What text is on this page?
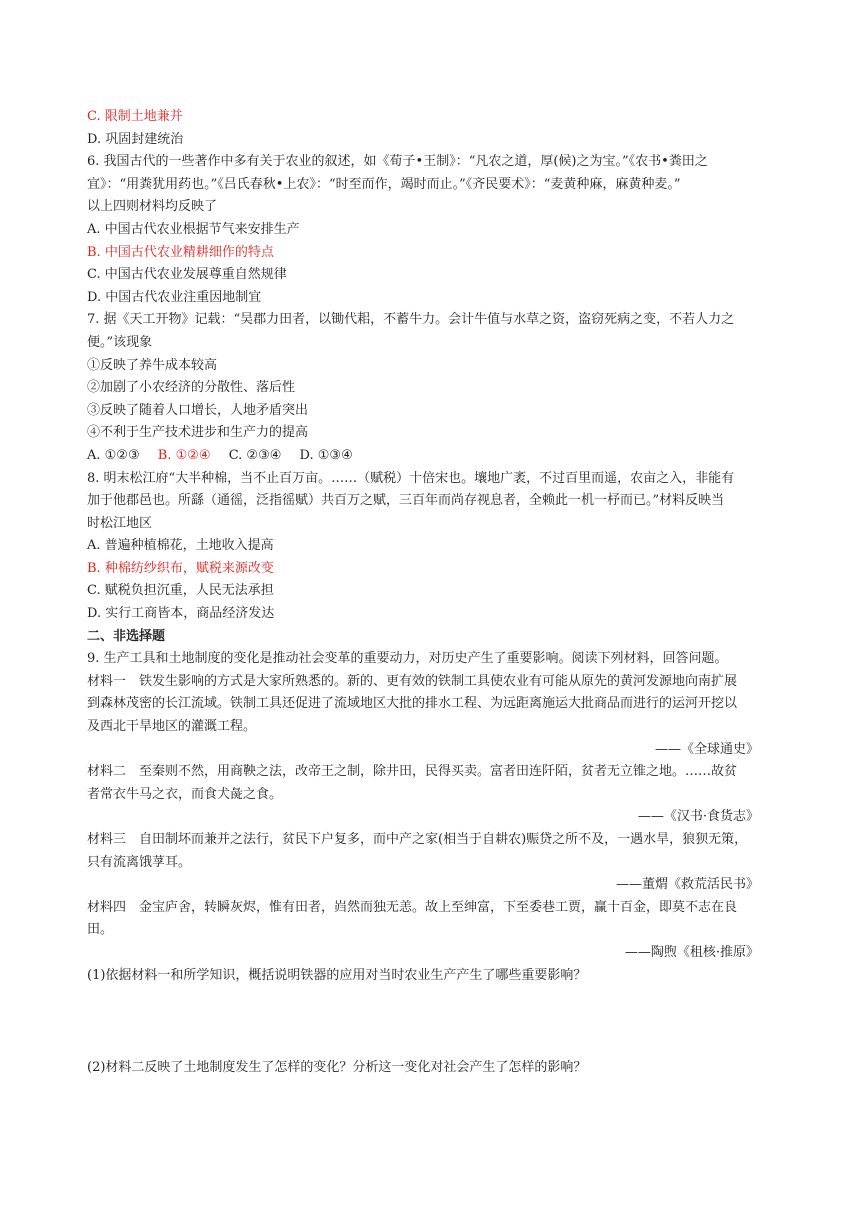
C. 限制土地兼并
D. 巩固封建统治
6. 我国古代的一些著作中多有关于农业的叙述，如《荀子•王制》：“凡农之道，厚(候)之为宝。”《农书•粪田之
宜》：“用粪犹用药也。”《吕氏春秋•上农》：“时至而作，竭时而止。”《齐民要术》：“麦黄种麻，麻黄种麦。”
以上四则材料均反映了
A. 中国古代农业根据节气来安排生产
B. 中国古代农业精耕细作的特点
C. 中国古代农业发展尊重自然规律
D. 中国古代农业注重因地制宜
7. 据《天工开物》记载：“吴郡力田者，以锄代耜，不蓄牛力。会计牛值与水草之资，盗窃死病之变，不若人力之
便。”该现象
①反映了养牛成本较高
②加剧了小农经济的分散性、落后性
③反映了随着人口增长，人地矛盾突出
④不利于生产技术进步和生产力的提高
A. ①②③ B. ①②④ C. ②③④ D. ①③④
8. 明末松江府“大半种棉，当不止百万亩。……（赋税）十倍宋也。壤地广袤，不过百里而遥，农亩之入，非能有
加于他郡邑也。所繇（通徭，泛指徭赋）共百万之赋，三百年而尚存视息者，全赖此一机一杼而已。”材料反映当
时松江地区
A. 普遍种植棉花，土地收入提高
B. 种棉纺纱织布，赋税来源改变
C. 赋税负担沉重，人民无法承担
D. 实行工商皆本，商品经济发达
二、非选择题
9. 生产工具和土地制度的变化是推动社会变革的重要动力，对历史产生了重要影响。阅读下列材料，回答问题。
材料一　铁发生影响的方式是大家所熟悉的。新的、更有效的铁制工具使农业有可能从原先的黄河发源地向南扩展
到森林茂密的长江流域。铁制工具还促进了流域地区大批的排水工程、为远距离施运大批商品而进行的运河开挖以
及西北干旱地区的灌溉工程。
——《全球通史》
材料二　至秦则不然，用商鞅之法，改帝王之制，除井田，民得买卖。富者田连阡陌，贫者无立锥之地。……故贫
者常衣牛马之衣，而食犬彘之食。
——《汉书·食货志》
材料三　自田制坏而兼并之法行，贫民下户复多，而中产之家(相当于自耕农)赈贷之所不及，一遇水旱，狼狈无策，
只有流离饿莩耳。
——董煟《救荒活民书》
材料四　金宝庐舍，转瞬灰烬，惟有田者，岿然而独无恙。故上至绅富，下至委巷工贾，赢十百金，即莫不志在良
田。
——陶煦《租核·推原》
(1)依据材料一和所学知识，概括说明铁器的应用对当时农业生产产生了哪些重要影响？
(2)材料二反映了土地制度发生了怎样的变化？分析这一变化对社会产生了怎样的影响？
